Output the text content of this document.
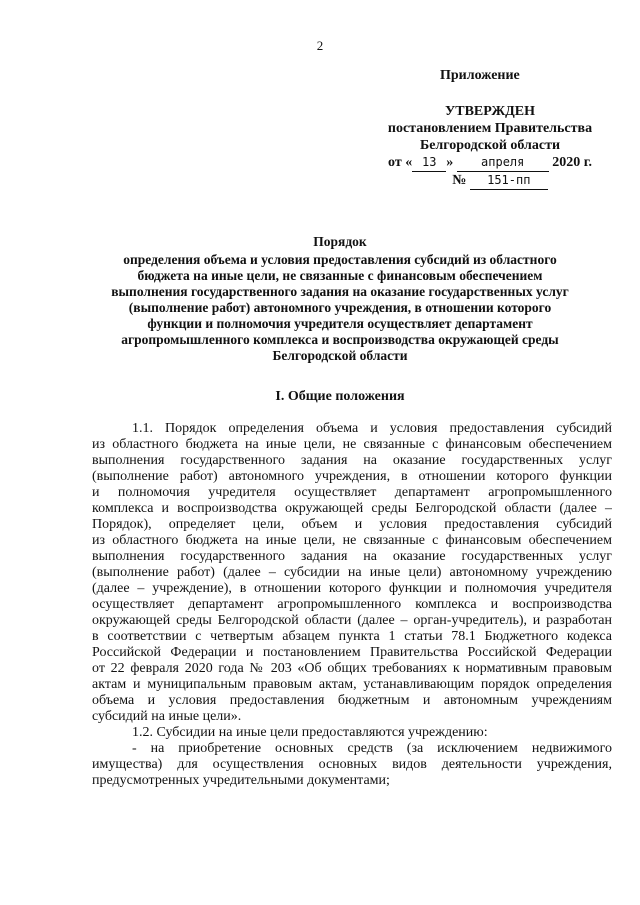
2
Приложение
УТВЕРЖДЕН
постановлением Правительства
Белгородской области
от « 13 » апреля 2020 г.
№ 151-пп
Порядок
определения объема и условия предоставления субсидий из областного
бюджета на иные цели, не связанные с финансовым обеспечением
выполнения государственного задания на оказание государственных услуг
(выполнение работ) автономного учреждения, в отношении которого
функции и полномочия учредителя осуществляет департамент
агропромышленного комплекса и воспроизводства окружающей среды
Белгородской области
I. Общие положения
1.1. Порядок определения объема и условия предоставления субсидий
из областного бюджета на иные цели, не связанные с финансовым обеспечением
выполнения государственного задания на оказание государственных услуг
(выполнение работ) автономного учреждения, в отношении которого функции
и полномочия учредителя осуществляет департамент агропромышленного
комплекса и воспроизводства окружающей среды Белгородской области (далее –
Порядок), определяет цели, объем и условия предоставления субсидий
из областного бюджета на иные цели, не связанные с финансовым обеспечением
выполнения государственного задания на оказание государственных услуг
(выполнение работ) (далее – субсидии на иные цели) автономному учреждению
(далее – учреждение), в отношении которого функции и полномочия учредителя
осуществляет департамент агропромышленного комплекса и воспроизводства
окружающей среды Белгородской области (далее – орган-учредитель), и разработан
в соответствии с четвертым абзацем пункта 1 статьи 78.1 Бюджетного кодекса
Российской Федерации и постановлением Правительства Российской Федерации
от 22 февраля 2020 года № 203 «Об общих требованиях к нормативным правовым
актам и муниципальным правовым актам, устанавливающим порядок определения
объема и условия предоставления бюджетным и автономным учреждениям
субсидий на иные цели».
1.2. Субсидии на иные цели предоставляются учреждению:
- на приобретение основных средств (за исключением недвижимого
имущества) для осуществления основных видов деятельности учреждения,
предусмотренных учредительными документами;
